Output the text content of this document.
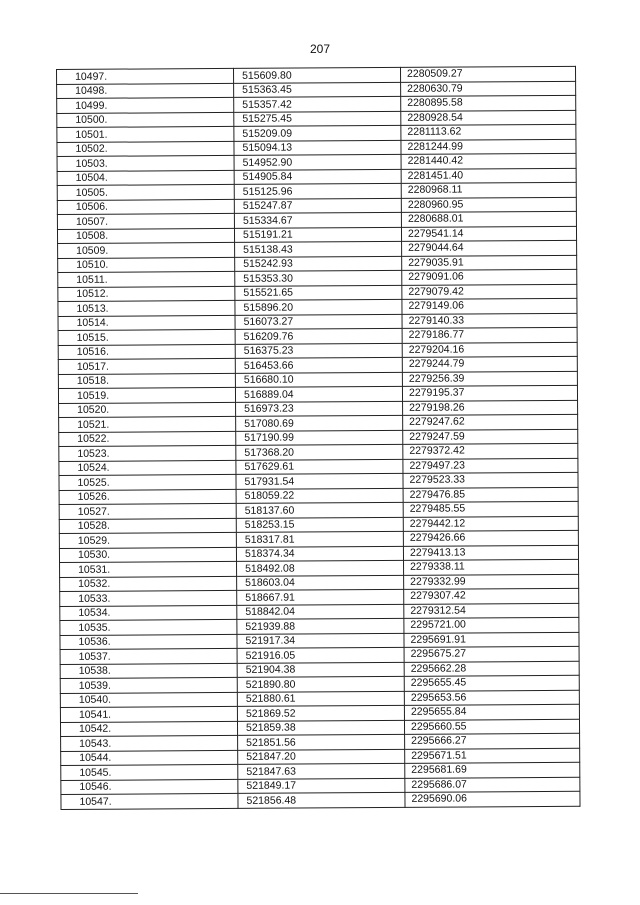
207
10497.	515609.80	2280509.27
10498.	515363.45	2280630.79
10499.	515357.42	2280895.58
10500.	515275.45	2280928.54
10501.	515209.09	2281113.62
10502.	515094.13	2281244.99
10503.	514952.90	2281440.42
10504.	514905.84	2281451.40
10505.	515125.96	2280968.11
10506.	515247.87	2280960.95
10507.	515334.67	2280688.01
10508.	515191.21	2279541.14
10509.	515138.43	2279044.64
10510.	515242.93	2279035.91
10511.	515353.30	2279091.06
10512.	515521.65	2279079.42
10513.	515896.20	2279149.06
10514.	516073.27	2279140.33
10515.	516209.76	2279186.77
10516.	516375.23	2279204.16
10517.	516453.66	2279244.79
10518.	516680.10	2279256.39
10519.	516889.04	2279195.37
10520.	516973.23	2279198.26
10521.	517080.69	2279247.62
10522.	517190.99	2279247.59
10523.	517368.20	2279372.42
10524.	517629.61	2279497.23
10525.	517931.54	2279523.33
10526.	518059.22	2279476.85
10527.	518137.60	2279485.55
10528.	518253.15	2279442.12
10529.	518317.81	2279426.66
10530.	518374.34	2279413.13
10531.	518492.08	2279338.11
10532.	518603.04	2279332.99
10533.	518667.91	2279307.42
10534.	518842.04	2279312.54
10535.	521939.88	2295721.00
10536.	521917.34	2295691.91
10537.	521916.05	2295675.27
10538.	521904.38	2295662.28
10539.	521890.80	2295655.45
10540.	521880.61	2295653.56
10541.	521869.52	2295655.84
10542.	521859.38	2295660.55
10543.	521851.56	2295666.27
10544.	521847.20	2295671.51
10545.	521847.63	2295681.69
10546.	521849.17	2295686.07
10547.	521856.48	2295690.06
